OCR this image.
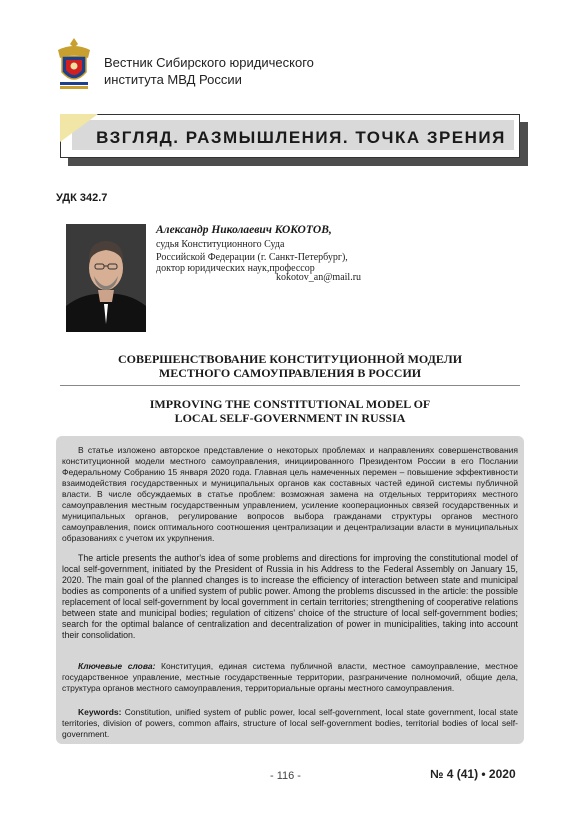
Вестник Сибирского юридического
института МВД России
ВЗГЛЯД. РАЗМЫШЛЕНИЯ. ТОЧКА ЗРЕНИЯ
УДК 342.7
Александр Николаевич КОКОТОВ,
судья Конституционного Суда
Российской Федерации (г. Санкт-Петербург),
доктор юридических наук,профессор
kokotov_an@mail.ru
СОВЕРШЕНСТВОВАНИЕ КОНСТИТУЦИОННОЙ МОДЕЛИ
МЕСТНОГО САМОУПРАВЛЕНИЯ В РОССИИ
IMPROVING THE CONSTITUTIONAL MODEL OF
LOCAL SELF-GOVERNMENT IN RUSSIA
В статье изложено авторское представление о некоторых проблемах и направлениях совершенствования конституционной модели местного самоуправления, инициированного Президентом России в его Послании Федеральному Собранию 15 января 2020 года. Главная цель намеченных перемен – повышение эффективности взаимодействия государственных и муниципальных органов как составных частей единой системы публичной власти. В числе обсуждаемых в статье проблем: возможная замена на отдельных территориях местного самоуправления местным государственным управлением, усиление кооперационных связей государственных и муниципальных органов, регулирование вопросов выбора гражданами структуры органов местного самоуправления, поиск оптимального соотношения централизации и децентрализации власти в муниципальных образованиях с учетом их укрупнения.
The article presents the author's idea of some problems and directions for improving the constitutional model of local self-government, initiated by the President of Russia in his Address to the Federal Assembly on January 15, 2020. The main goal of the planned changes is to increase the efficiency of interaction between state and municipal bodies as components of a unified system of public power. Among the problems discussed in the article: the possible replacement of local self-government by local government in certain territories; strengthening of cooperative relations between state and municipal bodies; regulation of citizens' choice of the structure of local self-government bodies; search for the optimal balance of centralization and decentralization of power in municipalities, taking into account their consolidation.
Ключевые слова: Конституция, единая система публичной власти, местное самоуправление, местное государственное управление, местные государственные территории, разграничение полномочий, общие дела, структура органов местного самоуправления, территориальные органы местного самоуправления.
Keywords: Constitution, unified system of public power, local self-government, local state government, local state territories, division of powers, common affairs, structure of local self-government bodies, territorial bodies of local self-government.
- 116 -	№ 4 (41) • 2020
